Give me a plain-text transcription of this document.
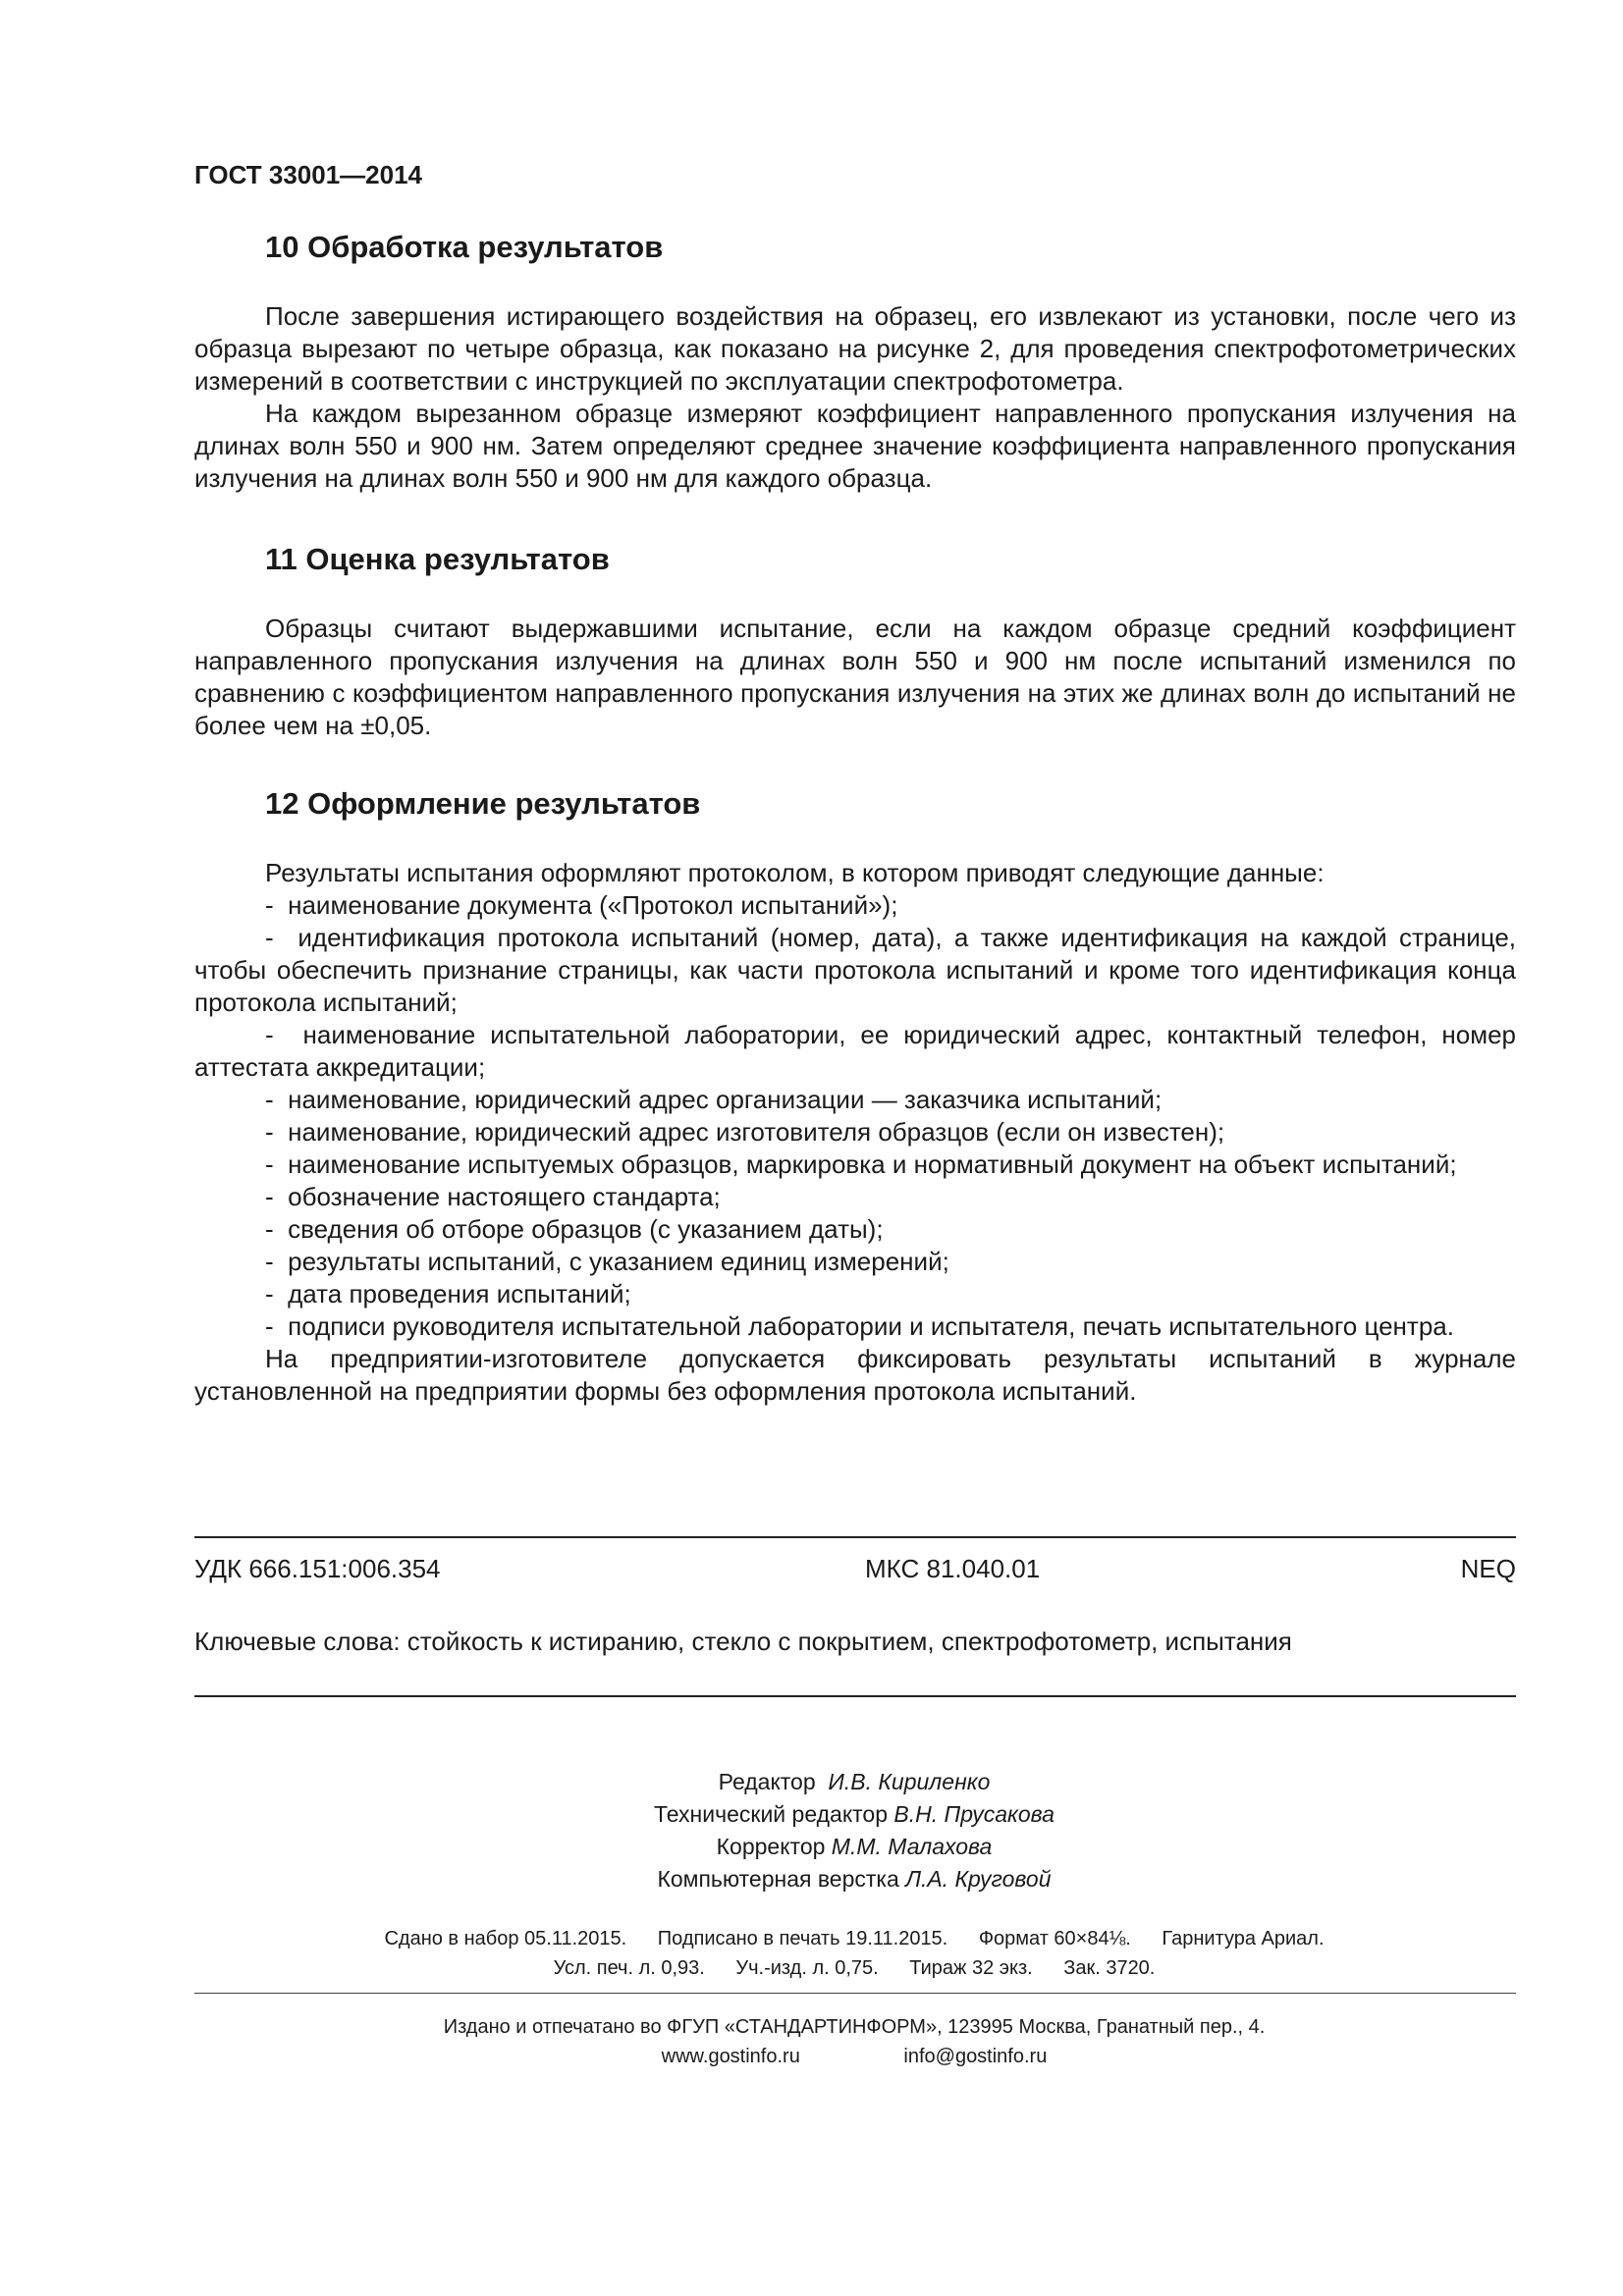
ГОСТ 33001—2014
10 Обработка результатов

После завершения истирающего воздействия на образец, его извлекают из установки, после чего из образца вырезают по четыре образца, как показано на рисунке 2, для проведения спектрофотометрических измерений в соответствии с инструкцией по эксплуатации спектрофотометра.

На каждом вырезанном образце измеряют коэффициент направленного пропускания излучения на длинах волн 550 и 900 нм. Затем определяют среднее значение коэффициента направленного пропускания излучения на длинах волн 550 и 900 нм для каждого образца.

11 Оценка результатов

Образцы считают выдержавшими испытание, если на каждом образце средний коэффициент направленного пропускания излучения на длинах волн 550 и 900 нм после испытаний изменился по сравнению с коэффициентом направленного пропускания излучения на этих же длинах волн до испытаний не более чем на ±0,05.

12 Оформление результатов

Результаты испытания оформляют протоколом, в котором приводят следующие данные:

-  наименование документа («Протокол испытаний»);
-  идентификация протокола испытаний (номер, дата), а также идентификация на каждой странице, чтобы обеспечить признание страницы, как части протокола испытаний и кроме того идентификация конца протокола испытаний;
-  наименование испытательной лаборатории, ее юридический адрес, контактный телефон, номер аттестата аккредитации;
-  наименование, юридический адрес организации — заказчика испытаний;
-  наименование, юридический адрес изготовителя образцов (если он известен);
-  наименование испытуемых образцов, маркировка и нормативный документ на объект испытаний;
-  обозначение настоящего стандарта;
-  сведения об отборе образцов (с указанием даты);
-  результаты испытаний, с указанием единиц измерений;
-  дата проведения испытаний;
-  подписи руководителя испытательной лаборатории и испытателя, печать испытательного центра.

На предприятии-изготовителе допускается фиксировать результаты испытаний в журнале установленной на предприятии формы без оформления протокола испытаний.

УДК 666.151:006.354	МКС 81.040.01	NEQ
Ключевые слова: стойкость к истиранию, стекло с покрытием, спектрофотометр, испытания
Редактор И.В. Кириленко
Технический редактор В.Н. Прусакова
Корректор М.М. Малахова
Компьютерная верстка Л.А. Круговой
Сдано в набор 05.11.2015. Подписано в печать 19.11.2015. Формат 60×84⅛. Гарнитура Ариал.
Усл. печ. л. 0,93. Уч.-изд. л. 0,75. Тираж 32 экз. Зак. 3720.
Издано и отпечатано во ФГУП «СТАНДАРТИНФОРМ», 123995 Москва, Гранатный пер., 4.
www.gostinfo.ru	info@gostinfo.ru
